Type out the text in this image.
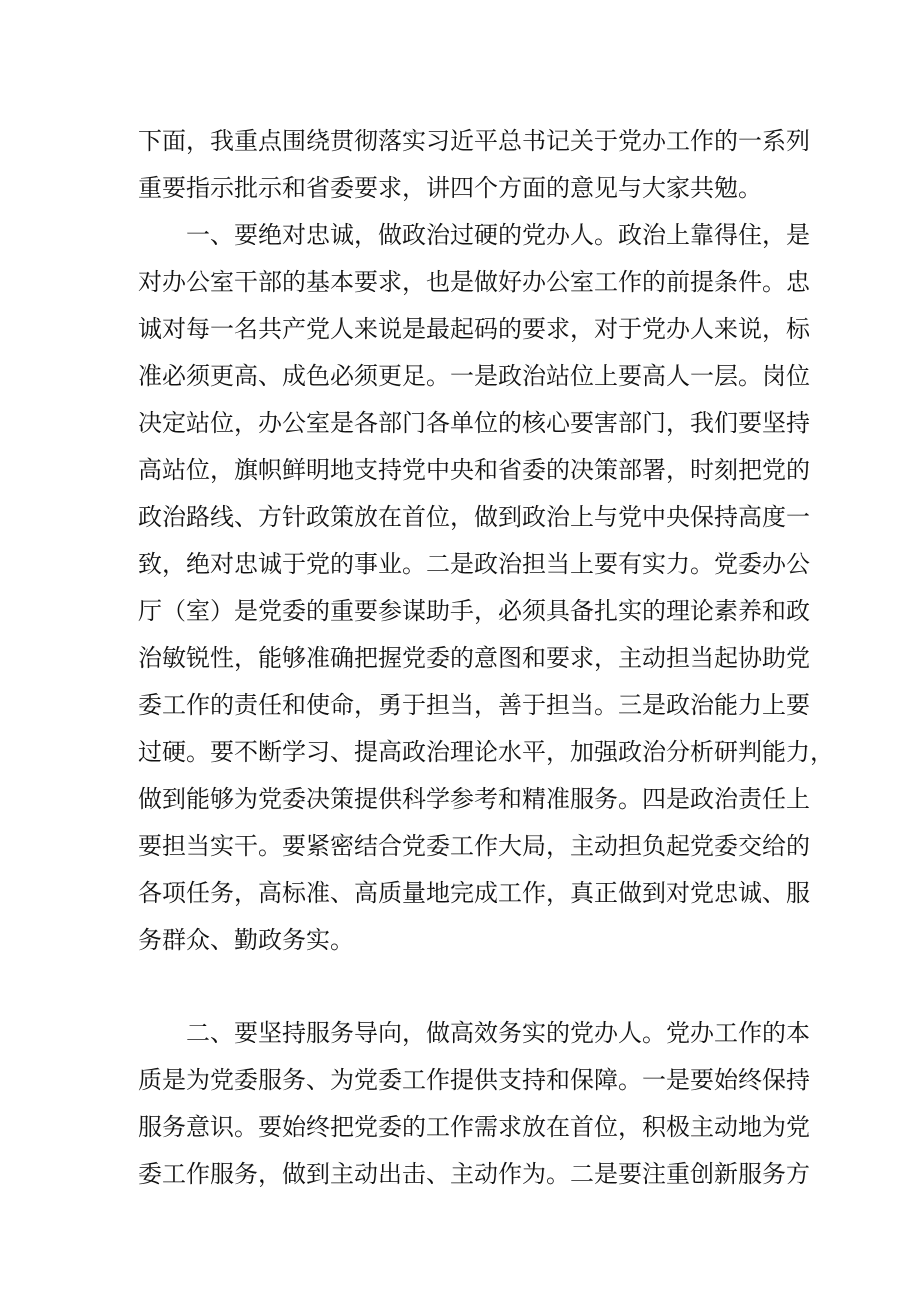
下面，我重点围绕贯彻落实习近平总书记关于党办工作的一系列
重要指示批示和省委要求，讲四个方面的意见与大家共勉。
一、要绝对忠诚，做政治过硬的党办人。政治上靠得住，是
对办公室干部的基本要求，也是做好办公室工作的前提条件。忠
诚对每一名共产党人来说是最起码的要求，对于党办人来说，标
准必须更高、成色必须更足。一是政治站位上要高人一层。岗位
决定站位，办公室是各部门各单位的核心要害部门，我们要坚持
高站位，旗帜鲜明地支持党中央和省委的决策部署，时刻把党的
政治路线、方针政策放在首位，做到政治上与党中央保持高度一
致，绝对忠诚于党的事业。二是政治担当上要有实力。党委办公
厅（室）是党委的重要参谋助手，必须具备扎实的理论素养和政
治敏锐性，能够准确把握党委的意图和要求，主动担当起协助党
委工作的责任和使命，勇于担当，善于担当。三是政治能力上要
过硬。要不断学习、提高政治理论水平，加强政治分析研判能力，
做到能够为党委决策提供科学参考和精准服务。四是政治责任上
要担当实干。要紧密结合党委工作大局，主动担负起党委交给的
各项任务，高标准、高质量地完成工作，真正做到对党忠诚、服
务群众、勤政务实。
二、要坚持服务导向，做高效务实的党办人。党办工作的本
质是为党委服务、为党委工作提供支持和保障。一是要始终保持
服务意识。要始终把党委的工作需求放在首位，积极主动地为党
委工作服务，做到主动出击、主动作为。二是要注重创新服务方
